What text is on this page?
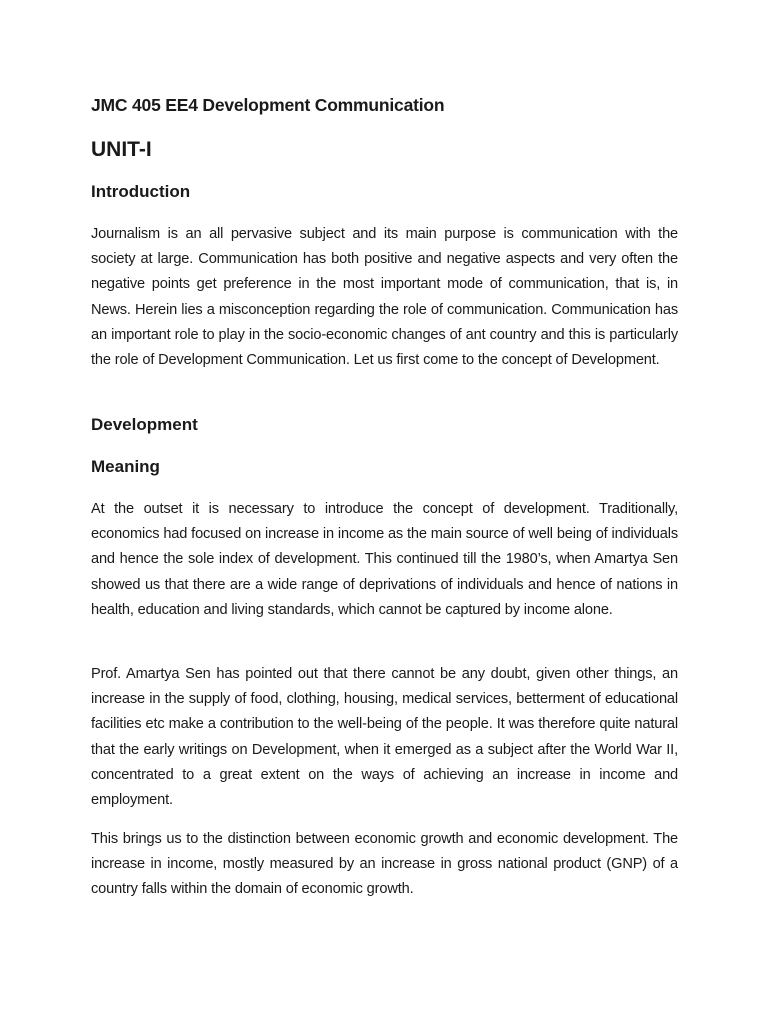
JMC 405 EE4 Development Communication
UNIT-I
Introduction

Journalism is an all pervasive subject and its main purpose is communication with the society at large. Communication has both positive and negative aspects and very often the negative points get preference in the most important mode of communication, that is, in News. Herein lies a misconception regarding the role of communication. Communication has an important role to play in the socio-economic changes of ant country and this is particularly the role of Development Communication. Let us first come to the concept of Development.

Development
Meaning

At the outset it is necessary to introduce the concept of development. Traditionally, economics had focused on increase in income as the main source of well being of individuals and hence the sole index of development. This continued till the 1980’s, when Amartya Sen showed us that there are a wide range of deprivations of individuals and hence of nations in health, education and living standards, which cannot be captured by income alone.

Prof. Amartya Sen has pointed out that there cannot be any doubt, given other things, an increase in the supply of food, clothing, housing, medical services, betterment of educational facilities etc make a contribution to the well-being of the people. It was therefore quite natural that the early writings on Development, when it emerged as a subject after the World War II, concentrated to a great extent on the ways of achieving an increase in income and employment.

This brings us to the distinction between economic growth and economic development. The increase in income, mostly measured by an increase in gross national product (GNP) of a country falls within the domain of economic growth.
